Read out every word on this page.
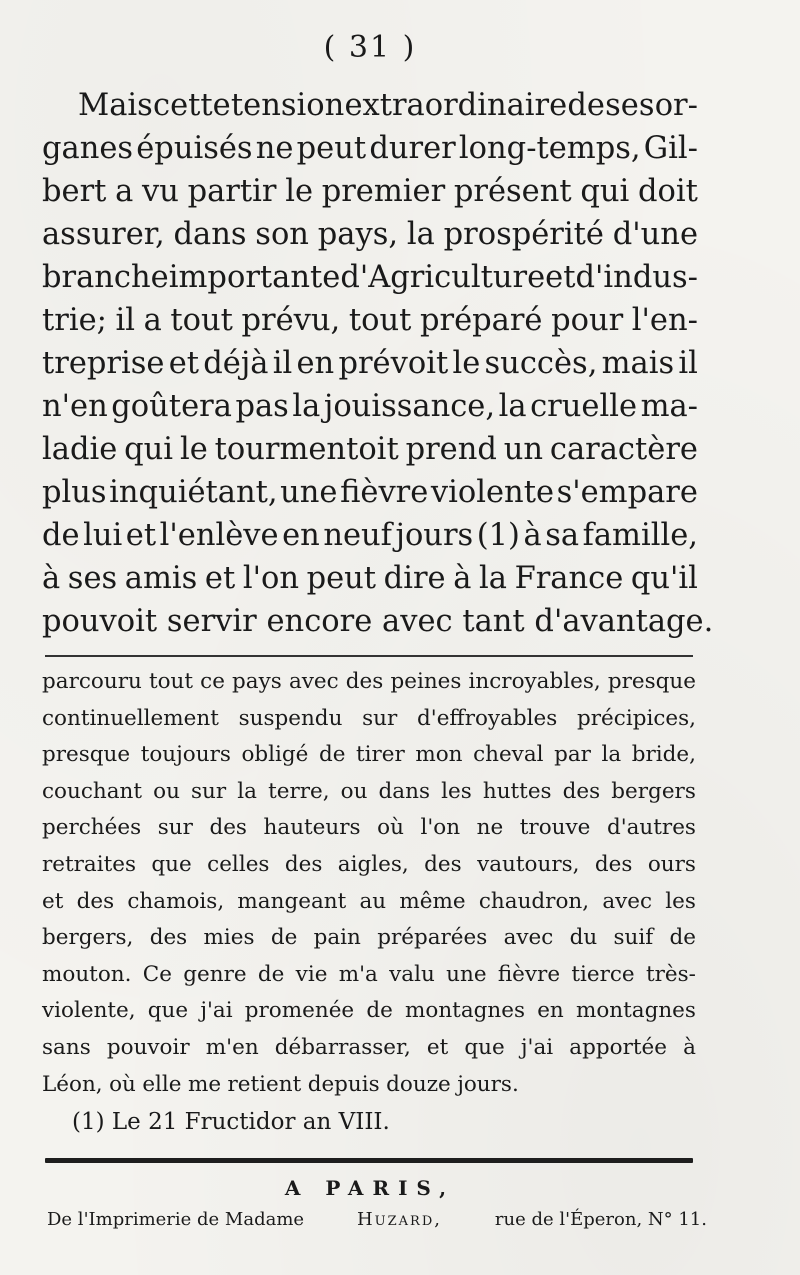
( 31 )
Mais cette tension extraordinaire de ses or-
ganes épuisés ne peut durer long-temps, Gil-
bert a vu partir le premier présent qui doit
assurer, dans son pays, la prospérité d'une
branche importante d'Agriculture et d'indus-
trie; il a tout prévu, tout préparé pour l'en-
treprise et déjà il en prévoit le succès, mais il
n'en goûtera pas la jouissance, la cruelle ma-
ladie qui le tourmentoit prend un caractère
plus inquiétant, une fièvre violente s'empare
de lui et l'enlève en neuf jours (1) à sa famille,
à ses amis et l'on peut dire à la France qu'il
pouvoit servir encore avec tant d'avantage.
parcouru tout ce pays avec des peines incroyables, presque
continuellement suspendu sur d'effroyables précipices,
presque toujours obligé de tirer mon cheval par la bride,
couchant ou sur la terre, ou dans les huttes des bergers
perchées sur des hauteurs où l'on ne trouve d'autres
retraites que celles des aigles, des vautours, des ours
et des chamois, mangeant au même chaudron, avec les
bergers, des mies de pain préparées avec du suif de
mouton. Ce genre de vie m'a valu une fièvre tierce très-
violente, que j'ai promenée de montagnes en montagnes
sans pouvoir m'en débarrasser, et que j'ai apportée à
Léon, où elle me retient depuis douze jours.
(1) Le 21 Fructidor an VIII.
A PARIS,
De l'Imprimerie de Madame	Huzard,	rue de l'Éperon, N° 11.
